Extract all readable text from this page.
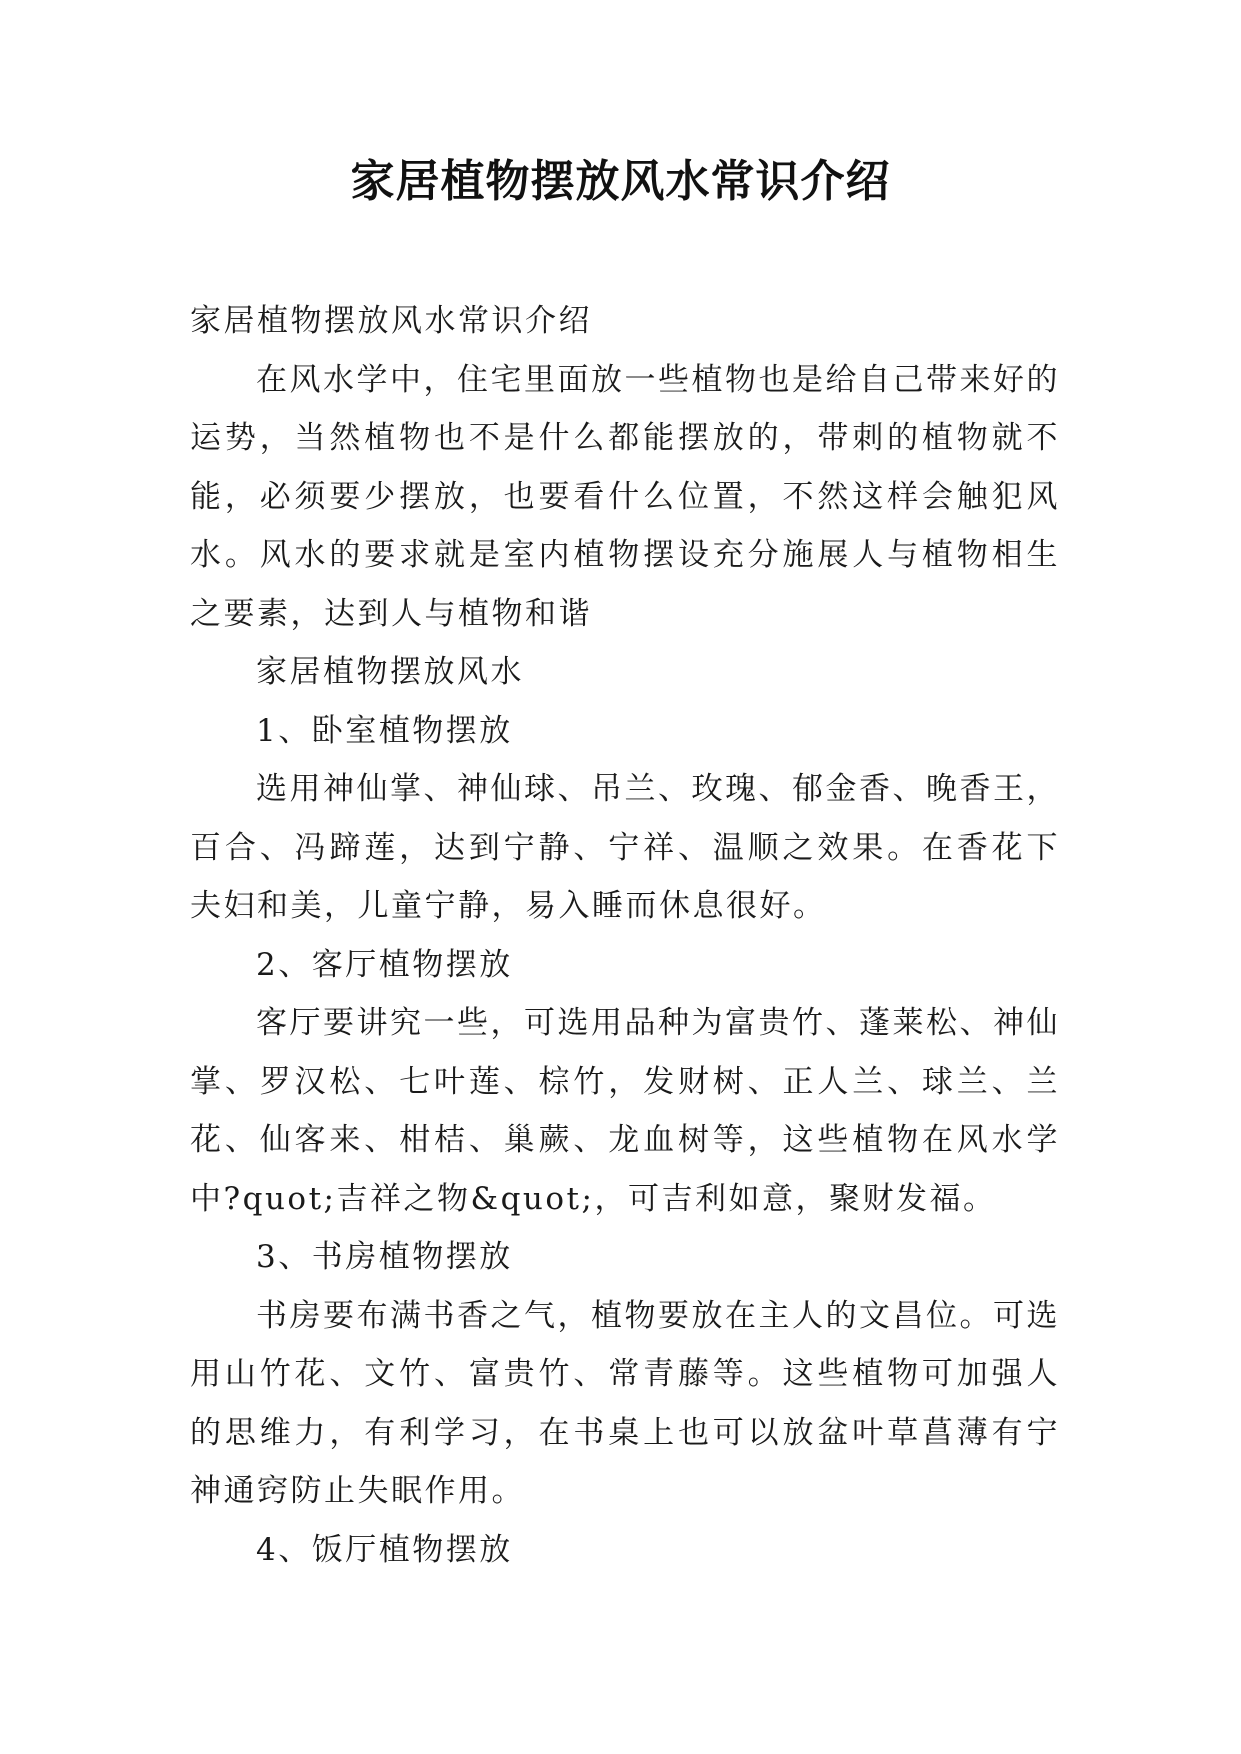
家居植物摆放风水常识介绍

家居植物摆放风水常识介绍

在风水学中，住宅里面放一些植物也是给自己带来好的运势，当然植物也不是什么都能摆放的，带刺的植物就不能，必须要少摆放，也要看什么位置，不然这样会触犯风水。风水的要求就是室内植物摆设充分施展人与植物相生之要素，达到人与植物和谐

家居植物摆放风水

1、卧室植物摆放

选用神仙掌、神仙球、吊兰、玫瑰、郁金香、晚香王，百合、冯蹄莲，达到宁静、宁祥、温顺之效果。在香花下夫妇和美，儿童宁静，易入睡而休息很好。

2、客厅植物摆放

客厅要讲究一些，可选用品种为富贵竹、蓬莱松、神仙掌、罗汉松、七叶莲、棕竹，发财树、正人兰、球兰、兰花、仙客来、柑桔、巢蕨、龙血树等，这些植物在风水学中?quot;吉祥之物&quot;，可吉利如意，聚财发福。

3、书房植物摆放

书房要布满书香之气，植物要放在主人的文昌位。可选用山竹花、文竹、富贵竹、常青藤等。这些植物可加强人的思维力，有利学习，在书桌上也可以放盆叶草菖薄有宁神通窍防止失眠作用。

4、饭厅植物摆放
